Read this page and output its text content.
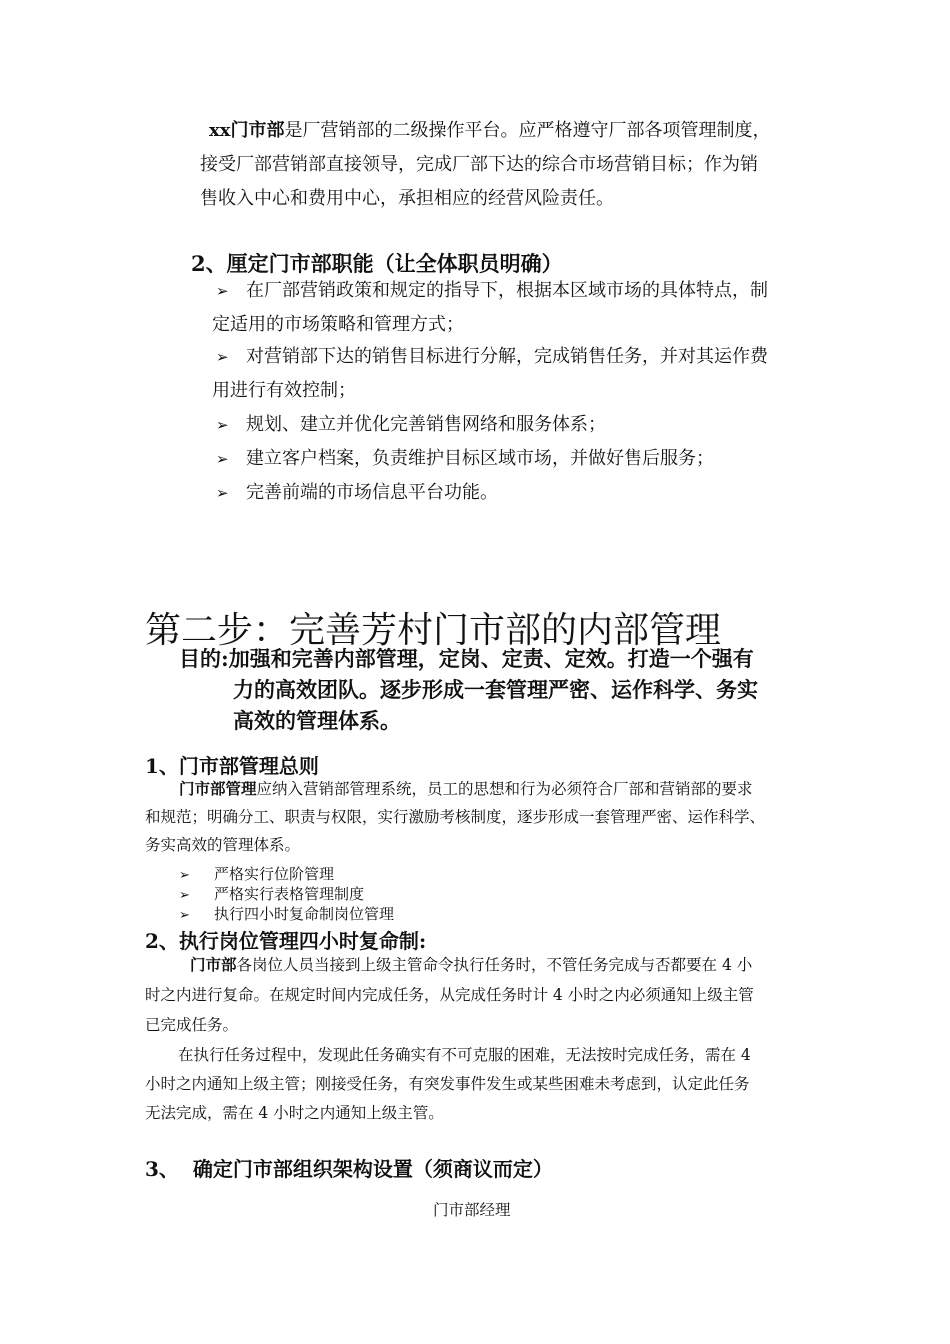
xx门市部是厂营销部的二级操作平台。应严格遵守厂部各项管理制度，
接受厂部营销部直接领导，完成厂部下达的综合市场营销目标；作为销
售收入中心和费用中心，承担相应的经营风险责任。
2、厘定门市部职能（让全体职员明确）
➢ 在厂部营销政策和规定的指导下，根据本区域市场的具体特点，制
定适用的市场策略和管理方式；
➢ 对营销部下达的销售目标进行分解，完成销售任务，并对其运作费
用进行有效控制；
➢ 规划、建立并优化完善销售网络和服务体系；
➢ 建立客户档案，负责维护目标区域市场，并做好售后服务；
➢ 完善前端的市场信息平台功能。
第二步：完善芳村门市部的内部管理
目的:加强和完善内部管理，定岗、定责、定效。打造一个强有
力的高效团队。逐步形成一套管理严密、运作科学、务实
高效的管理体系。
1、门市部管理总则
门市部管理应纳入营销部管理系统，员工的思想和行为必须符合厂部和营销部的要求
和规范；明确分工、职责与权限，实行激励考核制度，逐步形成一套管理严密、运作科学、
务实高效的管理体系。
➢ 严格实行位阶管理
➢ 严格实行表格管理制度
➢ 执行四小时复命制岗位管理
2、执行岗位管理四小时复命制:
门市部各岗位人员当接到上级主管命令执行任务时，不管任务完成与否都要在 4 小
时之内进行复命。在规定时间内完成任务，从完成任务时计 4 小时之内必须通知上级主管
已完成任务。
在执行任务过程中，发现此任务确实有不可克服的困难，无法按时完成任务，需在 4
小时之内通知上级主管；刚接受任务，有突发事件发生或某些困难未考虑到，认定此任务
无法完成，需在 4 小时之内通知上级主管。
3、  确定门市部组织架构设置（须商议而定）
门市部经理
